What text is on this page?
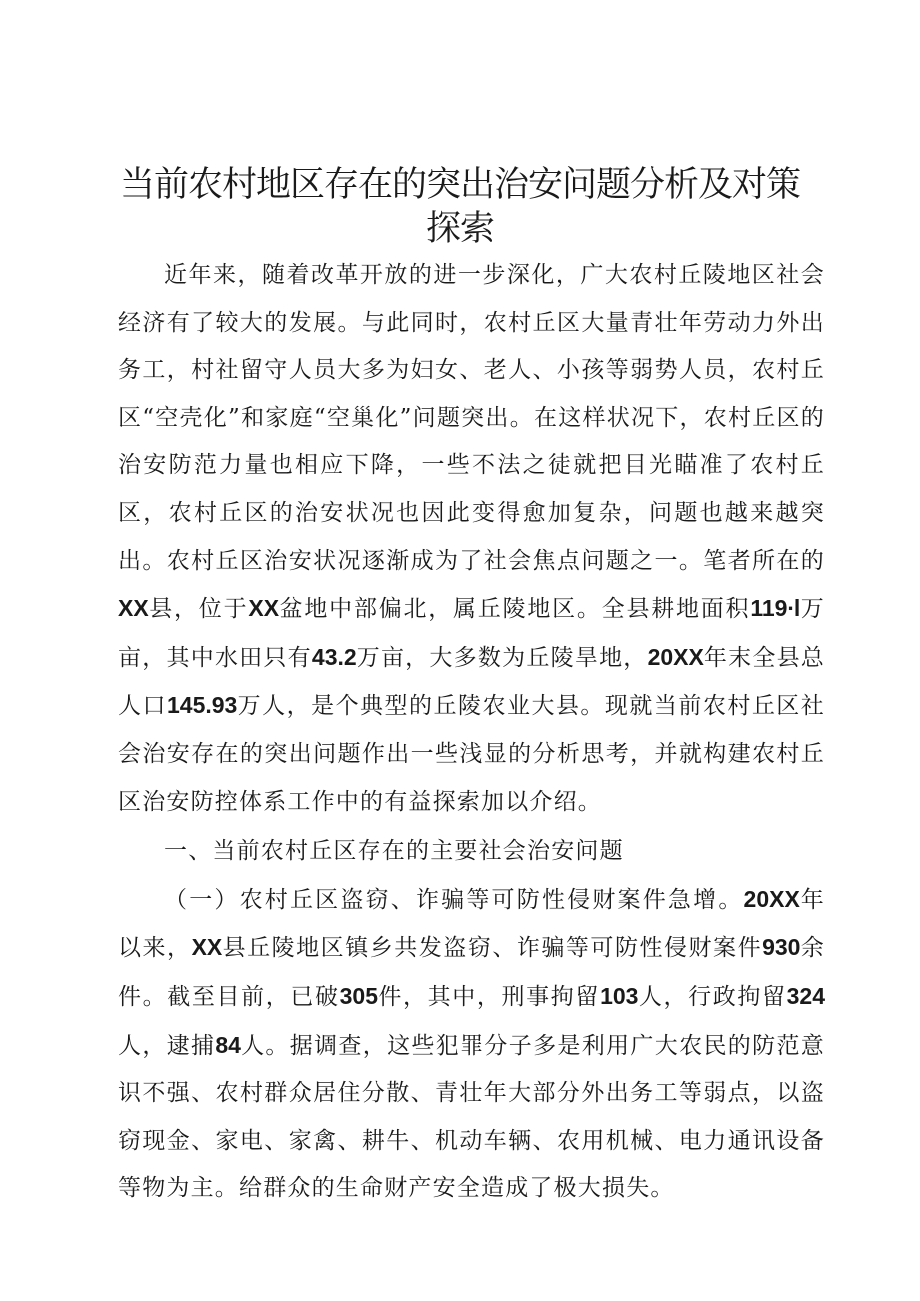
当前农村地区存在的突出治安问题分析及对策
探索

近年来，随着改革开放的进一步深化，广大农村丘陵地区社会经济有了较大的发展。与此同时，农村丘区大量青壮年劳动力外出务工，村社留守人员大多为妇女、老人、小孩等弱势人员，农村丘区“空壳化”和家庭“空巢化”问题突出。在这样状况下，农村丘区的治安防范力量也相应下降，一些不法之徒就把目光瞄准了农村丘区，农村丘区的治安状况也因此变得愈加复杂，问题也越来越突出。农村丘区治安状况逐渐成为了社会焦点问题之一。笔者所在的XX县，位于XX盆地中部偏北，属丘陵地区。全县耕地面积119∙l万亩，其中水田只有43.2万亩，大多数为丘陵旱地，20XX年末全县总人口145.93万人，是个典型的丘陵农业大县。现就当前农村丘区社会治安存在的突出问题作出一些浅显的分析思考，并就构建农村丘区治安防控体系工作中的有益探索加以介绍。

一、当前农村丘区存在的主要社会治安问题

（一）农村丘区盗窃、诈骗等可防性侵财案件急增。20XX年以来，XX县丘陵地区镇乡共发盗窃、诈骗等可防性侵财案件930余件。截至目前，已破305件，其中，刑事拘留103人，行政拘留324人，逮捕84人。据调查，这些犯罪分子多是利用广大农民的防范意识不强、农村群众居住分散、青壮年大部分外出务工等弱点，以盗窃现金、家电、家禽、耕牛、机动车辆、农用机械、电力通讯设备等物为主。给群众的生命财产安全造成了极大损失。
